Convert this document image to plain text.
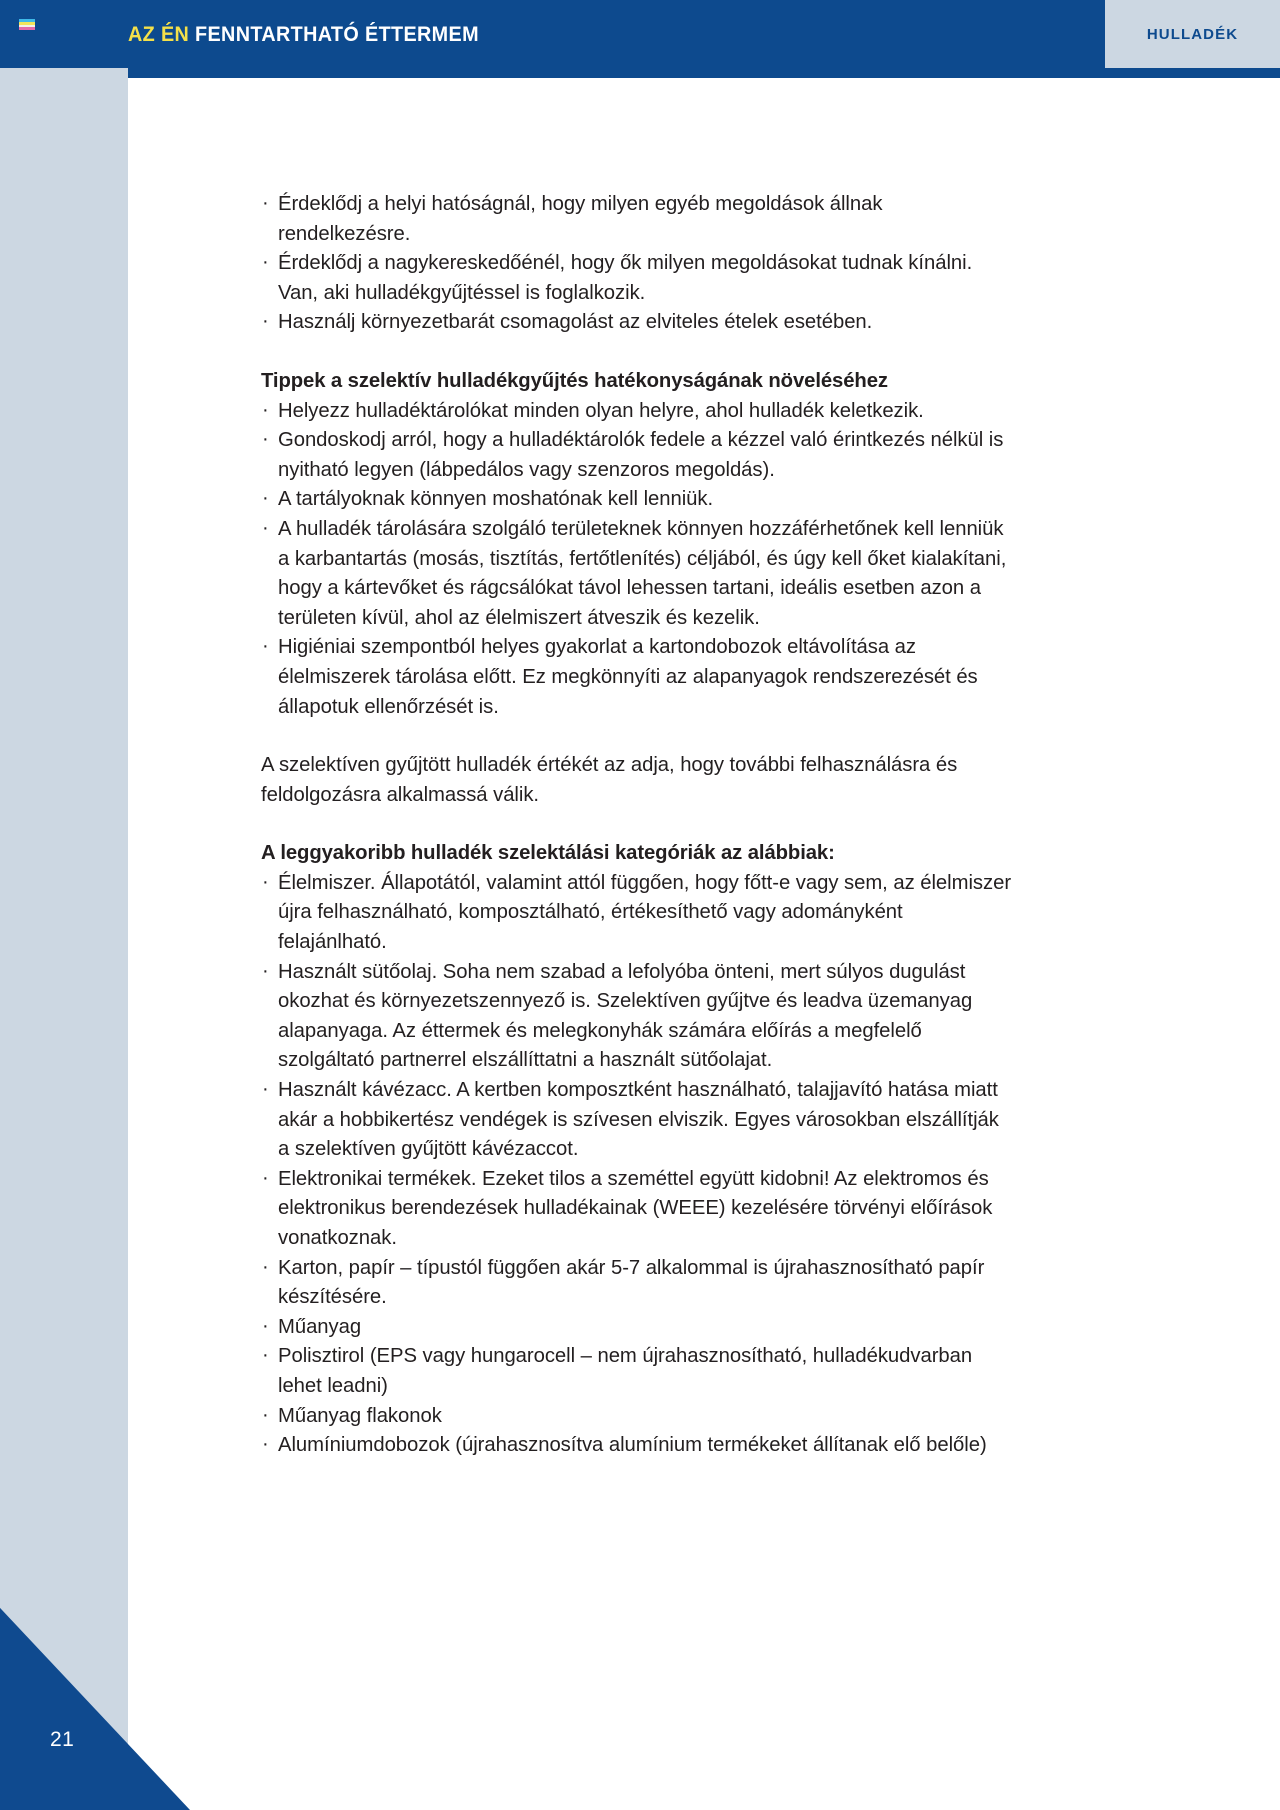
21
AZ ÉN FENNTARTHATÓ ÉTTERMEM	HULLADÉK
· Érdeklődj a helyi hatóságnál, hogy milyen egyéb megoldások állnak rendelkezésre.
· Érdeklődj a nagykereskedőénél, hogy ők milyen megoldásokat tudnak kínálni. Van, aki hulladékgyűjtéssel is foglalkozik.
· Használj környezetbarát csomagolást az elviteles ételek esetében.
Tippek a szelektív hulladékgyűjtés hatékonyságának növeléséhez
· Helyezz hulladéktárolókat minden olyan helyre, ahol hulladék keletkezik.
· Gondoskodj arról, hogy a hulladéktárolók fedele a kézzel való érintkezés nélkül is nyitható legyen (lábpedálos vagy szenzoros megoldás).
· A tartályoknak könnyen moshatónak kell lenniük.
· A hulladék tárolására szolgáló területeknek könnyen hozzáférhetőnek kell lenniük a karbantartás (mosás, tisztítás, fertőtlenítés) céljából, és úgy kell őket kialakítani, hogy a kártevőket és rágcsálókat távol lehessen tartani, ideális esetben azon a területen kívül, ahol az élelmiszert átveszik és kezelik.
· Higiéniai szempontból helyes gyakorlat a kartondobozok eltávolítása az élelmiszerek tárolása előtt. Ez megkönnyíti az alapanyagok rendszerezését és állapotuk ellenőrzését is.

A szelektíven gyűjtött hulladék értékét az adja, hogy további felhasználásra és feldolgozásra alkalmassá válik.

A leggyakoribb hulladék szelektálási kategóriák az alábbiak:
· Élelmiszer. Állapotától, valamint attól függően, hogy főtt-e vagy sem, az élelmiszer újra felhasználható, komposztálható, értékesíthető vagy adományként felajánlható.
· Használt sütőolaj. Soha nem szabad a lefolyóba önteni, mert súlyos dugulást okozhat és környezetszennyező is. Szelektíven gyűjtve és leadva üzemanyag alapanyaga. Az éttermek és melegkonyhák számára előírás a megfelelő szolgáltató partnerrel elszállíttatni a használt sütőolajat.
· Használt kávézacc. A kertben komposztként használható, talajjavító hatása miatt akár a hobbikertész vendégek is szívesen elviszik. Egyes városokban elszállítják a szelektíven gyűjtött kávézaccot.
· Elektronikai termékek. Ezeket tilos a szeméttel együtt kidobni! Az elektromos és elektronikus berendezések hulladékainak (WEEE) kezelésére törvényi előírások vonatkoznak.
· Karton, papír – típustól függően akár 5-7 alkalommal is újrahasznosítható papír készítésére.
· Műanyag
· Polisztirol (EPS vagy hungarocell – nem újrahasznosítható, hulladékudvarban lehet leadni)
· Műanyag flakonok
· Alumíniumdobozok (újrahasznosítva alumínium termékeket állítanak elő belőle)
